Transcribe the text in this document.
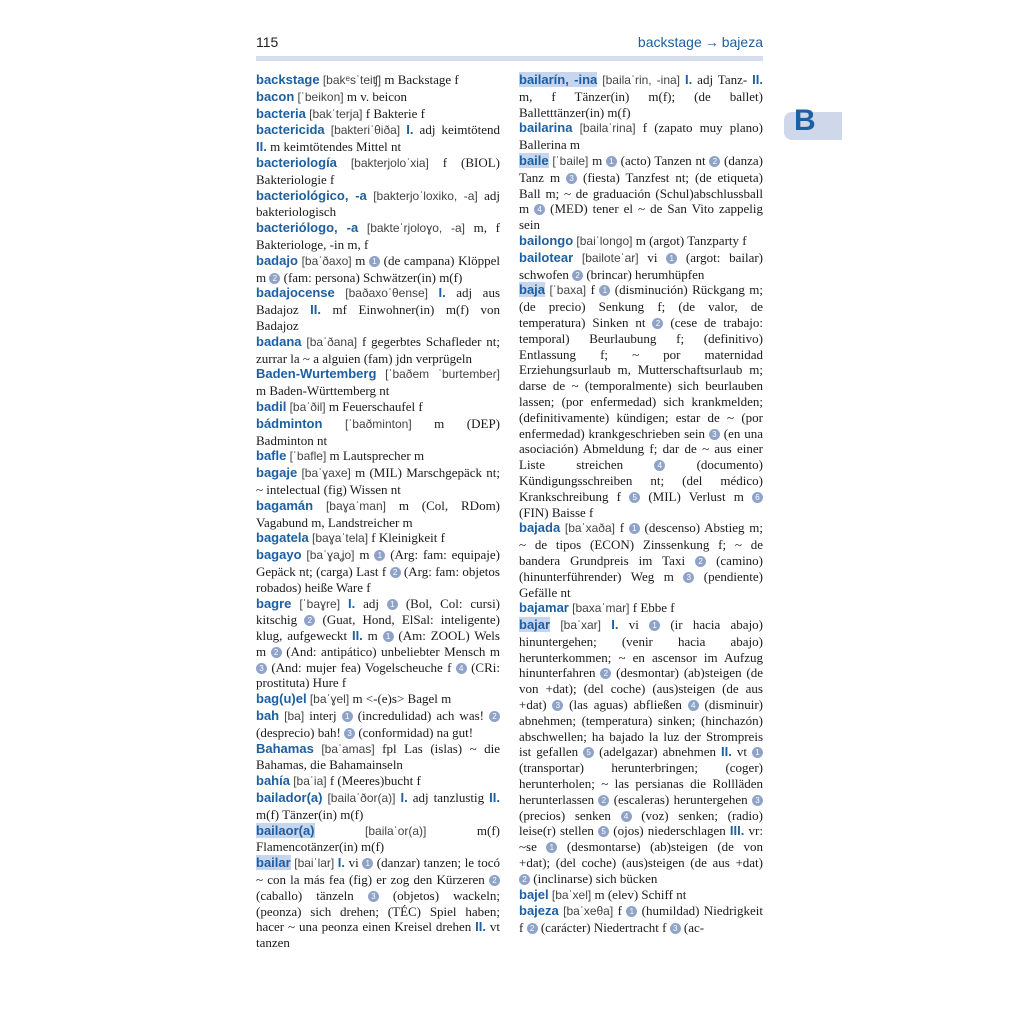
115	backstage → bajeza
B
backstage [bakᵉsˈteiʧ] m Backstage f
bacon [ˈbeikon] m v. beicon
bacteria [bakˈterja] f Bakterie f
bactericida [bakteriˈθiða] I. adj keimtötend II. m keimtötendes Mittel nt
bacteriología [bakterjoloˈxia] f (BIOL) Bakteriologie f
bacteriológico, -a [bakterjoˈloxiko, -a] adj bakteriologisch
bacteriólogo, -a [bakteˈrjoloɣo, -a] m, f Bakteriologe, -in m, f
badajo [baˈðaxo] m 1 (de campana) Klöppel m 2 (fam: persona) Schwätzer(in) m(f)
badajocense [baðaxoˈθense] I. adj aus Badajoz II. mf Einwohner(in) m(f) von Badajoz
badana [baˈðana] f gegerbtes Schafleder nt; zurrar la ~ a alguien (fam) jdn verprügeln
Baden-Wurtemberg [ˈbaðem ˈburtembeɾ] m Baden-Württemberg nt
badil [baˈðil] m Feuerschaufel f
bádminton [ˈbaðminton] m (DEP) Badminton nt
bafle [ˈbafle] m Lautsprecher m
bagaje [baˈɣaxe] m (MIL) Marschgepäck nt; ~ intelectual (fig) Wissen nt
bagamán [baɣaˈman] m (Col, RDom) Vagabund m, Landstreicher m
bagatela [baɣaˈtela] f Kleinigkeit f
bagayo [baˈɣaʝo] m 1 (Arg: fam: equipaje) Gepäck nt; (carga) Last f 2 (Arg: fam: objetos robados) heiße Ware f
bagre [ˈbaɣre] I. adj 1 (Bol, Col: cursi) kitschig 2 (Guat, Hond, ElSal: inteligente) klug, aufgeweckt II. m 1 (Am: ZOOL) Wels m 2 (And: antipático) unbeliebter Mensch m 3 (And: mujer fea) Vogelscheuche f 4 (CRi: prostituta) Hure f
bag(u)el [baˈɣel] m <-(e)s> Bagel m
bah [ba] interj 1 (incredulidad) ach was! 2 (desprecio) bah! 3 (conformidad) na gut!
Bahamas [baˈamas] fpl Las (islas) ~ die Bahamas, die Bahamainseln
bahía [baˈia] f (Meeres)bucht f
bailador(a) [bailaˈðor(a)] I. adj tanzlustig II. m(f) Tänzer(in) m(f)
bailaor(a)	[bailaˈor(a)]	m(f) Flamencotänzer(in) m(f)
bailar [baiˈlar] I. vi 1 (danzar) tanzen; le tocó ~ con la más fea (fig) er zog den Kürzeren 2 (caballo) tänzeln 3 (objetos) wackeln; (peonza) sich drehen; (TÉC) Spiel haben; hacer ~ una peonza einen Kreisel drehen II. vt tanzen
bailarín, -ina [bailaˈrin, -ina] I. adj Tanz- II. m, f Tänzer(in) m(f); (de ballet) Balletttänzer(in) m(f)
bailarina [bailaˈrina] f (zapato muy plano) Ballerina m
baile [ˈbaile] m 1 (acto) Tanzen nt 2 (danza) Tanz m 3 (fiesta) Tanzfest nt; (de etiqueta) Ball m; ~ de graduación (Schul)abschlussball m 4 (MED) tener el ~ de San Vito zappelig sein
bailongo [baiˈlongo] m (argot) Tanzparty f
bailotear [bailoteˈar] vi 1 (argot: bailar) schwofen 2 (brincar) herumhüpfen
baja [ˈbaxa] f 1 (disminución) Rückgang m; (de precio) Senkung f; (de valor, de temperatura) Sinken nt 2 (cese de trabajo: temporal) Beurlaubung f; (definitivo) Entlassung f; ~ por maternidad Erziehungsurlaub m, Mutterschaftsurlaub m; darse de ~ (temporalmente) sich beurlauben lassen; (por enfermedad) sich krankmelden; (definitivamente) kündigen; estar de ~ (por enfermedad) krankgeschrieben sein 3 (en una asociación) Abmeldung f; dar de ~ aus einer Liste streichen 4 (documento) Kündigungsschreiben nt; (del médico) Krankschreibung f 5 (MIL) Verlust m 6 (FIN) Baisse f
bajada [baˈxaða] f 1 (descenso) Abstieg m; ~ de tipos (ECON) Zinssenkung f; ~ de bandera Grundpreis im Taxi 2 (camino) (hinunterführender) Weg m 3 (pendiente) Gefälle nt
bajamar [baxaˈmar] f Ebbe f
bajar [baˈxar] I. vi 1 (ir hacia abajo) hinuntergehen; (venir hacia abajo) herunterkommen; ~ en ascensor im Aufzug hinunterfahren 2 (desmontar) (ab)steigen (de von +dat); (del coche) (aus)steigen (de aus +dat) 3 (las aguas) abfließen 4 (disminuir) abnehmen; (temperatura) sinken; (hinchazón) abschwellen; ha bajado la luz der Strompreis ist gefallen 5 (adelgazar) abnehmen II. vt 1 (transportar) herunterbringen; (coger) herunterholen; ~ las persianas die Rollläden herunterlassen 2 (escaleras) heruntergehen 3 (precios) senken 4 (voz) senken; (radio) leise(r) stellen 5 (ojos) niederschlagen III. vr: ~se 1 (desmontarse) (ab)steigen (de von +dat); (del coche) (aus)steigen (de aus +dat) 2 (inclinarse) sich bücken
bajel [baˈxel] m (elev) Schiff nt
bajeza [baˈxeθa] f 1 (humildad) Niedrigkeit f 2 (carácter) Niedertracht f 3 (ac-
